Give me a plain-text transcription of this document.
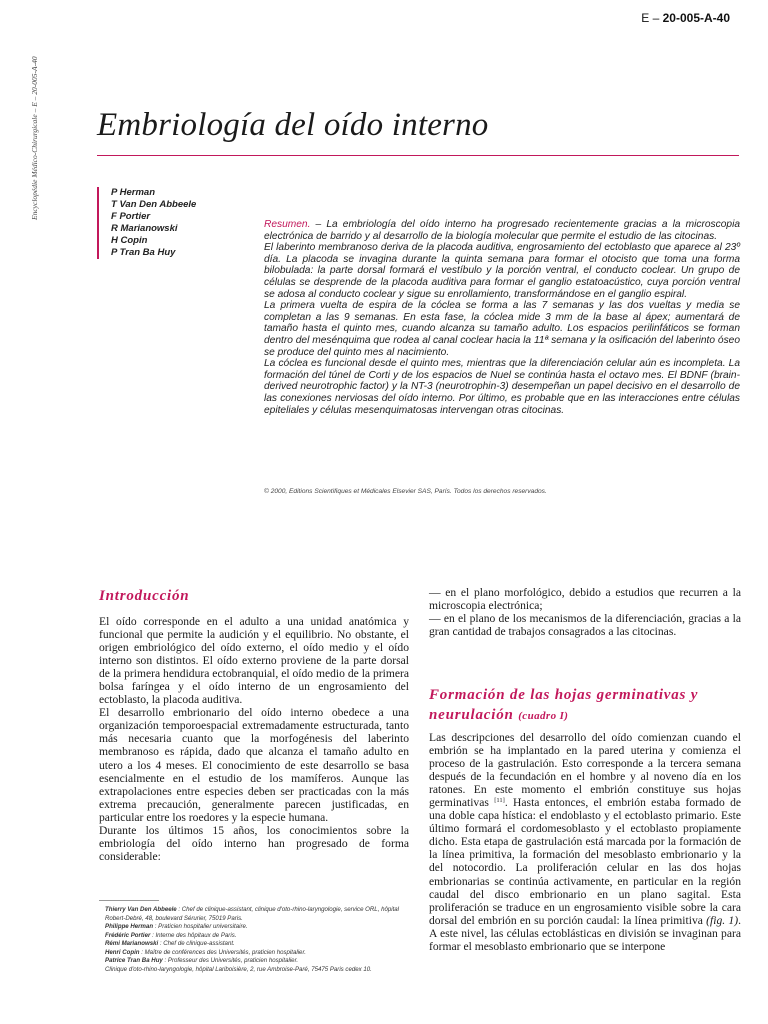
Encyclopédie Médico-Chirurgicale – E – 20-005-A-40
E – 20-005-A-40
Embriología del oído interno
P Herman
T Van Den Abbeele
F Portier
R Marianowski
H Copin
P Tran Ba Huy

Resumen. – La embriología del oído interno ha progresado recientemente gracias a la microscopia electrónica de barrido y al desarrollo de la biología molecular que permite el estudio de las citocinas.

El laberinto membranoso deriva de la placoda auditiva, engrosamiento del ectoblasto que aparece al 23º día. La placoda se invagina durante la quinta semana para formar el otocisto que toma una forma bilobulada: la parte dorsal formará el vestíbulo y la porción ventral, el conducto coclear. Un grupo de células se desprende de la placoda auditiva para formar el ganglio estatoacústico, cuya porción ventral se adosa al conducto coclear y sigue su enrollamiento, transformándose en el ganglio espiral.

La primera vuelta de espira de la cóclea se forma a las 7 semanas y las dos vueltas y media se completan a las 9 semanas. En esta fase, la cóclea mide 3 mm de la base al ápex; aumentará de tamaño hasta el quinto mes, cuando alcanza su tamaño adulto. Los espacios perilinfáticos se forman dentro del mesénquima que rodea al canal coclear hacia la 11ª semana y la osificación del laberinto óseo se produce del quinto mes al nacimiento.

La cóclea es funcional desde el quinto mes, mientras que la diferenciación celular aún es incompleta. La formación del túnel de Corti y de los espacios de Nuel se continúa hasta el octavo mes. El BDNF (brain-derived neurotrophic factor) y la NT-3 (neurotrophin-3) desempeñan un papel decisivo en el desarrollo de las conexiones nerviosas del oído interno. Por último, es probable que en las interacciones entre células epiteliales y células mesenquimatosas intervengan otras citocinas.

© 2000, Editions Scientifiques et Médicales Elsevier SAS, París. Todos los derechos reservados.
Introducción

El oído corresponde en el adulto a una unidad anatómica y funcional que permite la audición y el equilibrio. No obstante, el origen embriológico del oído externo, el oído medio y el oído interno son distintos. El oído externo proviene de la parte dorsal de la primera hendidura ectobranquial, el oído medio de la primera bolsa faríngea y el oído interno de un engrosamiento del ectoblasto, la placoda auditiva.

El desarrollo embrionario del oído interno obedece a una organización temporoespacial extremadamente estructurada, tanto más necesaria cuanto que la morfogénesis del laberinto membranoso es rápida, dado que alcanza el tamaño adulto en utero a los 4 meses. El conocimiento de este desarrollo se basa esencialmente en el estudio de los mamíferos. Aunque las extrapolaciones entre especies deben ser practicadas con la más extrema precaución, generalmente parecen justificadas, en particular entre los roedores y la especie humana.

Durante los últimos 15 años, los conocimientos sobre la embriología del oído interno han progresado de forma considerable:

— en el plano morfológico, debido a estudios que recurren a la microscopia electrónica;

— en el plano de los mecanismos de la diferenciación, gracias a la gran cantidad de trabajos consagrados a las citocinas.

Formación de las hojas germinativas y neurulación (cuadro I)

Las descripciones del desarrollo del oído comienzan cuando el embrión se ha implantado en la pared uterina y comienza el proceso de la gastrulación. Esto corresponde a la tercera semana después de la fecundación en el hombre y al noveno día en los ratones. En este momento el embrión constituye sus hojas germinativas [11]. Hasta entonces, el embrión estaba formado de una doble capa hística: el endoblasto y el ectoblasto primario. Este último formará el cordomesoblasto y el ectoblasto propiamente dicho. Esta etapa de gastrulación está marcada por la formación de la línea primitiva, la formación del mesoblasto embrionario y la del notocordio. La proliferación celular en las dos hojas embrionarias se continúa activamente, en particular en la región caudal del disco embrionario en un plano sagital. Esta proliferación se traduce en un engrosamiento visible sobre la cara dorsal del embrión en su porción caudal: la línea primitiva (fig. 1). A este nivel, las células ectoblásticas en división se invaginan para formar el mesoblasto embrionario que se interpone

Thierry Van Den Abbeele : Chef de clinique-assistant, clinique d'oto-rhino-laryngologie, service ORL, hôpital Robert-Debré, 48, boulevard Sérurier, 75019 Paris.

Philippe Herman : Praticien hospitalier universitaire.

Frédéric Portier : Interne des hôpitaux de Paris.

Rémi Marianowski : Chef de clinique-assistant.

Henri Copin : Maître de conférences des Universités, praticien hospitalier.

Patrice Tran Ba Huy : Professeur des Universités, praticien hospitalier.

Clinique d'oto-rhino-laryngologie, hôpital Lariboisière, 2, rue Ambroise-Paré, 75475 Paris cedex 10.
